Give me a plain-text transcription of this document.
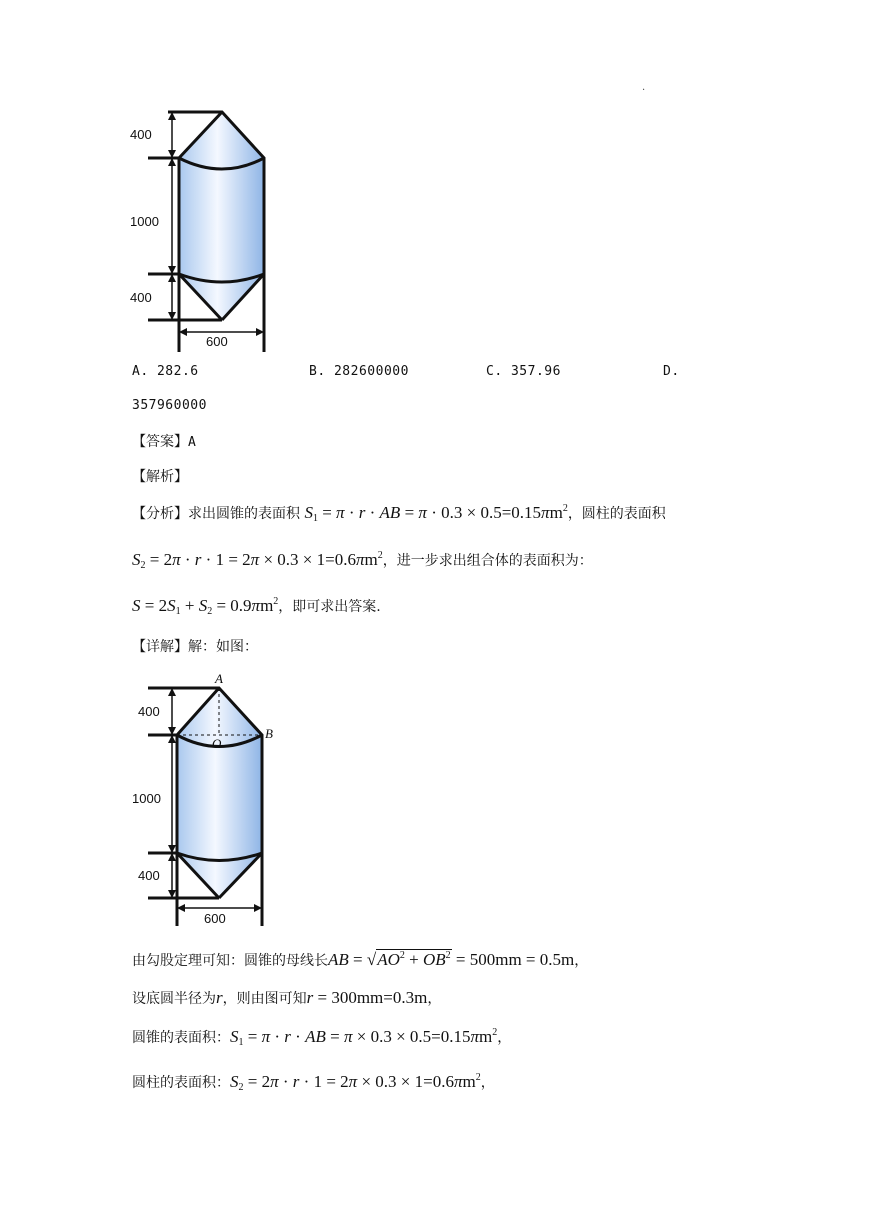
.
400
1000
400
600
A. 282.6	B. 282600000	C. 357.96	D.
357960000
【答案】A
【解析】
【分析】求出圆锥的表面积 $S_1 = \pi \cdot r$ · AB = $\pi \cdot 0.3 \times 0.5=0.15\pi m^2$，圆柱的表面积
$S_2 = 2\pi \cdot r \cdot 1 = 2\pi \times 0.3 \times 1=0.6\pi m^2$，进一步求出组合体的表面积为：
$S = 2S_1 + S_2 = 0.9\pi m^2$，即可求出答案.
【详解】解：如图：
A
B
O
400
1000
400
600
由勾股定理可知：圆锥的母线长AB = $√AO^2 + OB^2 = 500mm = 0.5m$，
设底圆半径为r，则由图可知r = 300mm=0.3m，
圆锥的表面积：$S_1 = \pi \cdot r$ · AB = $\pi \times 0.3 \times 0.5=0.15\pi m^2$，
圆柱的表面积：$S_2 = 2\pi \cdot r \cdot 1 = 2\pi \times 0.3 \times 1=0.6\pi m^2$，
